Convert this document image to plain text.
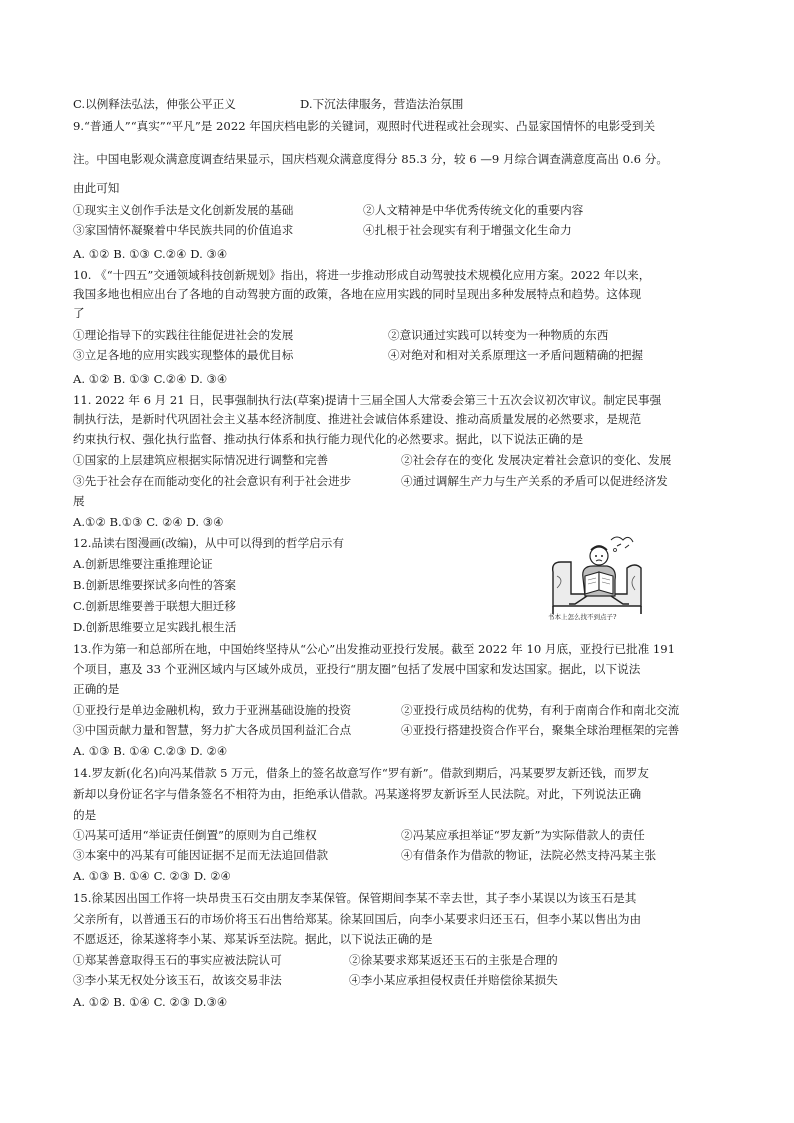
C.以例释法弘法，伸张公平正义	D.下沉法律服务，营造法治氛围
9.“普通人”“真实”“平凡”是 2022 年国庆档电影的关键词，观照时代进程或社会现实、凸显家国情怀的电影受到关
注。中国电影观众满意度调查结果显示，国庆档观众满意度得分 85.3 分，较 6 —9 月综合调查满意度高出 0.6 分。
由此可知
①现实主义创作手法是文化创新发展的基础	②人文精神是中华优秀传统文化的重要内容
③家国情怀凝聚着中华民族共同的价值追求	④扎根于社会现实有利于增强文化生命力
A. ①② B. ①③ C.②④ D. ③④
10. 《“十四五”交通领域科技创新规划》指出，将进一步推动形成自动驾驶技术规模化应用方案。2022 年以来，
我国多地也相应出台了各地的自动驾驶方面的政策，各地在应用实践的同时呈现出多种发展特点和趋势。这体现
了
①理论指导下的实践往往能促进社会的发展	②意识通过实践可以转变为一种物质的东西
③立足各地的应用实践实现整体的最优目标	④对绝对和相对关系原理这一矛盾问题精确的把握
A. ①② B. ①③ C.②④ D. ③④
11. 2022 年 6 月 21 日，民事强制执行法(草案)提请十三届全国人大常委会第三十五次会议初次审议。制定民事强
制执行法，是新时代巩固社会主义基本经济制度、推进社会诚信体系建设、推动高质量发展的必然要求，是规范
约束执行权、强化执行监督、推动执行体系和执行能力现代化的必然要求。据此，以下说法正确的是
①国家的上层建筑应根据实际情况进行调整和完善	②社会存在的变化 发展决定着社会意识的变化、发展
③先于社会存在而能动变化的社会意识有利于社会进步	④通过调解生产力与生产关系的矛盾可以促进经济发
展
A.①② B.①③ C. ②④ D. ③④
12.品读右图漫画(改编)，从中可以得到的哲学启示有
A.创新思维要注重推理论证
B.创新思维要探试多向性的答案
C.创新思维要善于联想大胆迁移
D.创新思维要立足实践扎根生活
书本上怎么找不到点子?
13.作为第一和总部所在地，中国始终坚持从“公心”出发推动亚投行发展。截至 2022 年 10 月底，亚投行已批准 191
个项目，惠及 33 个亚洲区域内与区域外成员，亚投行“朋友圈”包括了发展中国家和发达国家。据此，以下说法
正确的是
①亚投行是单边金融机构，致力于亚洲基础设施的投资	②亚投行成员结构的优势，有利于南南合作和南北交流
③中国贡献力量和智慧，努力扩大各成员国利益汇合点	④亚投行搭建投资合作平台，聚集全球治理框架的完善
A. ①③ B. ①④ C.②③ D. ②④
14.罗友新(化名)向冯某借款 5 万元，借条上的签名故意写作“罗有新”。借款到期后，冯某要罗友新还钱，而罗友
新却以身份证名字与借条签名不相符为由，拒绝承认借款。冯某遂将罗友新诉至人民法院。对此，下列说法正确
的是
①冯某可适用“举证责任倒置”的原则为自己维权	②冯某应承担举证“罗友新”为实际借款人的责任
③本案中的冯某有可能因证据不足而无法追回借款	④有借条作为借款的物证，法院必然支持冯某主张
A. ①③ B. ①④ C. ②③ D. ②④
15.徐某因出国工作将一块昂贵玉石交由朋友李某保管。保管期间李某不幸去世，其子李小某误以为该玉石是其
父亲所有，以普通玉石的市场价将玉石出售给郑某。徐某回国后，向李小某要求归还玉石，但李小某以售出为由
不愿返还，徐某遂将李小某、郑某诉至法院。据此，以下说法正确的是
①郑某善意取得玉石的事实应被法院认可	②徐某要求郑某返还玉石的主张是合理的
③李小某无权处分该玉石，故该交易非法	④李小某应承担侵权责任并赔偿徐某损失
A. ①② B. ①④ C. ②③ D.③④
